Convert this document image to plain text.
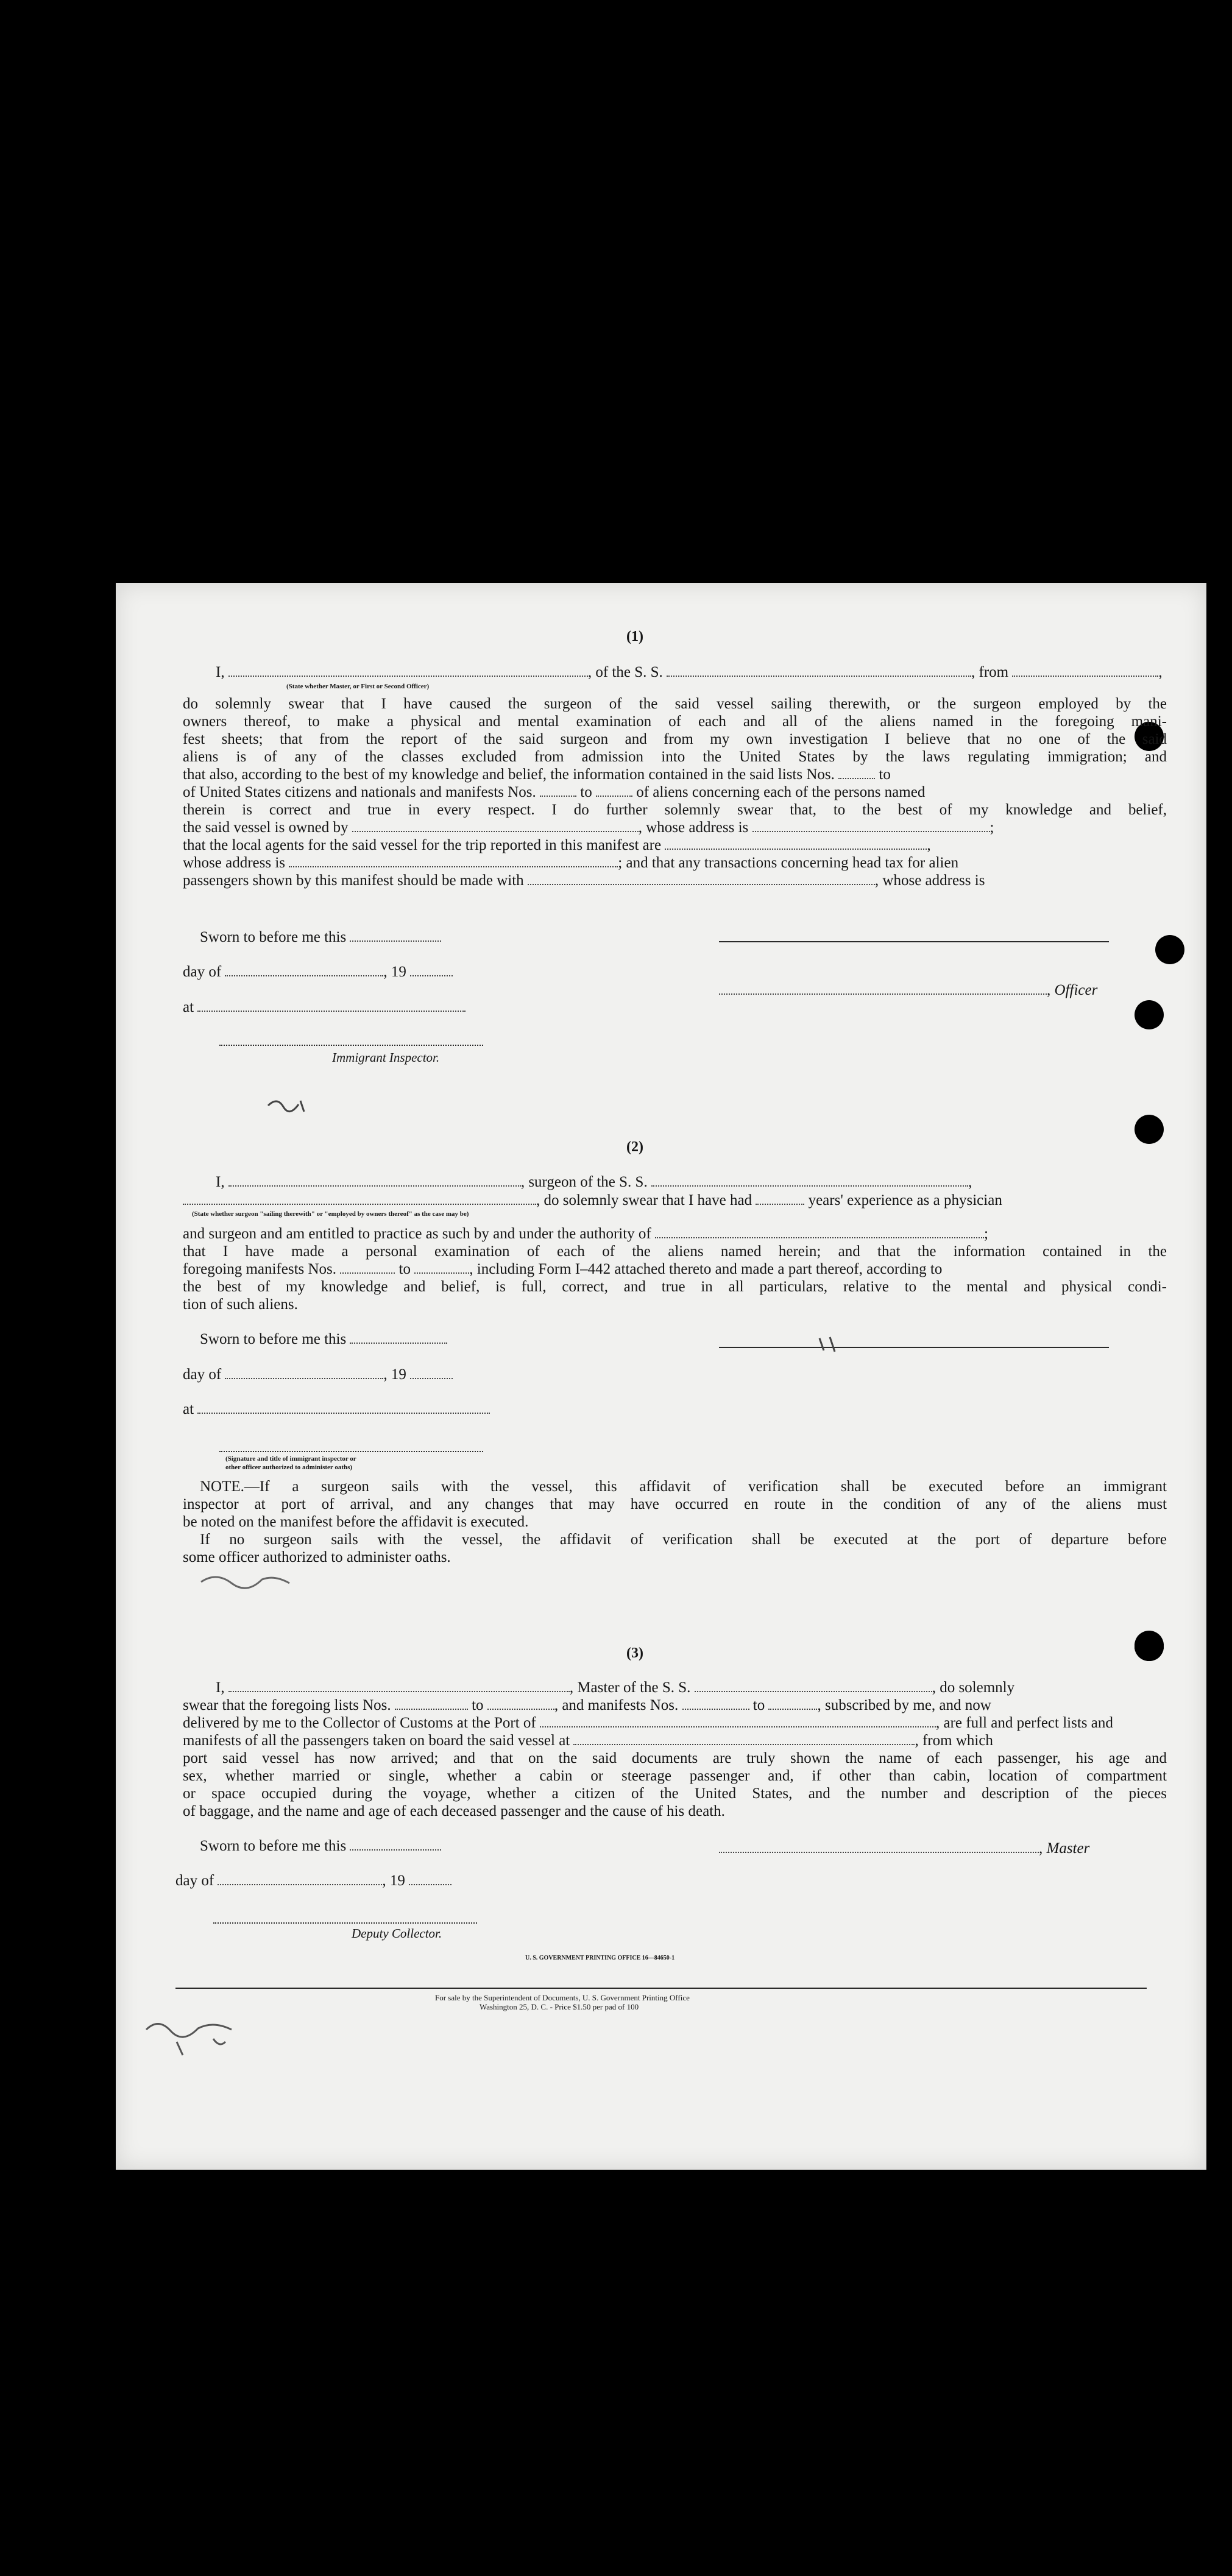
(1)
I,	, of the S. S.	, from	,
(State whether Master, or First or Second Officer)
do solemnly swear that I have caused the surgeon of the said vessel sailing therewith, or the surgeon employed by the
owners thereof, to make a physical and mental examination of each and all of the aliens named in the foregoing mani-
fest sheets; that from the report of the said surgeon and from my own investigation I believe that no one of the said
aliens is of any of the classes excluded from admission into the United States by the laws regulating immigration; and
that also, according to the best of my knowledge and belief, the information contained in the said lists Nos.	to
of United States citizens and nationals and manifests Nos.	to	of aliens concerning each of the persons named
therein is correct and true in every respect. I do further solemnly swear that, to the best of my knowledge and belief,
the said vessel is owned by	, whose address is	;
that the local agents for the said vessel for the trip reported in this manifest are	,
whose address is	; and that any transactions concerning head tax for alien
passengers shown by this manifest should be made with	, whose address is
Sworn to before me this
day of	, 19
, Officer
at
Immigrant Inspector.
(2)
I,	, surgeon of the S. S.	,
, do solemnly swear that I have had	years' experience as a physician
(State whether surgeon "sailing therewith" or "employed by owners thereof" as the case may be)
and surgeon and am entitled to practice as such by and under the authority of	;
that I have made a personal examination of each of the aliens named herein; and that the information contained in the
foregoing manifests Nos.	to	, including Form I–442 attached thereto and made a part thereof, according to
the best of my knowledge and belief, is full, correct, and true in all particulars, relative to the mental and physical condi-
tion of such aliens.
Sworn to before me this
day of	, 19
at
(Signature and title of immigrant inspector or
other officer authorized to administer oaths)
NOTE.—If a surgeon sails with the vessel, this affidavit of verification shall be executed before an immigrant
inspector at port of arrival, and any changes that may have occurred en route in the condition of any of the aliens must
be noted on the manifest before the affidavit is executed.
If no surgeon sails with the vessel, the affidavit of verification shall be executed at the port of departure before
some officer authorized to administer oaths.
(3)
I,	, Master of the S. S.	, do solemnly
swear that the foregoing lists Nos.	to	, and manifests Nos.	to	, subscribed by me, and now
delivered by me to the Collector of Customs at the Port of	, are full and perfect lists and
manifests of all the passengers taken on board the said vessel at	, from which
port said vessel has now arrived; and that on the said documents are truly shown the name of each passenger, his age and
sex, whether married or single, whether a cabin or steerage passenger and, if other than cabin, location of compartment
or space occupied during the voyage, whether a citizen of the United States, and the number and description of the pieces
of baggage, and the name and age of each deceased passenger and the cause of his death.
Sworn to before me this	, Master
day of	, 19
Deputy Collector.
U. S. GOVERNMENT PRINTING OFFICE 16—84650-1
For sale by the Superintendent of Documents, U. S. Government Printing Office
Washington 25, D. C. - Price $1.50 per pad of 100
